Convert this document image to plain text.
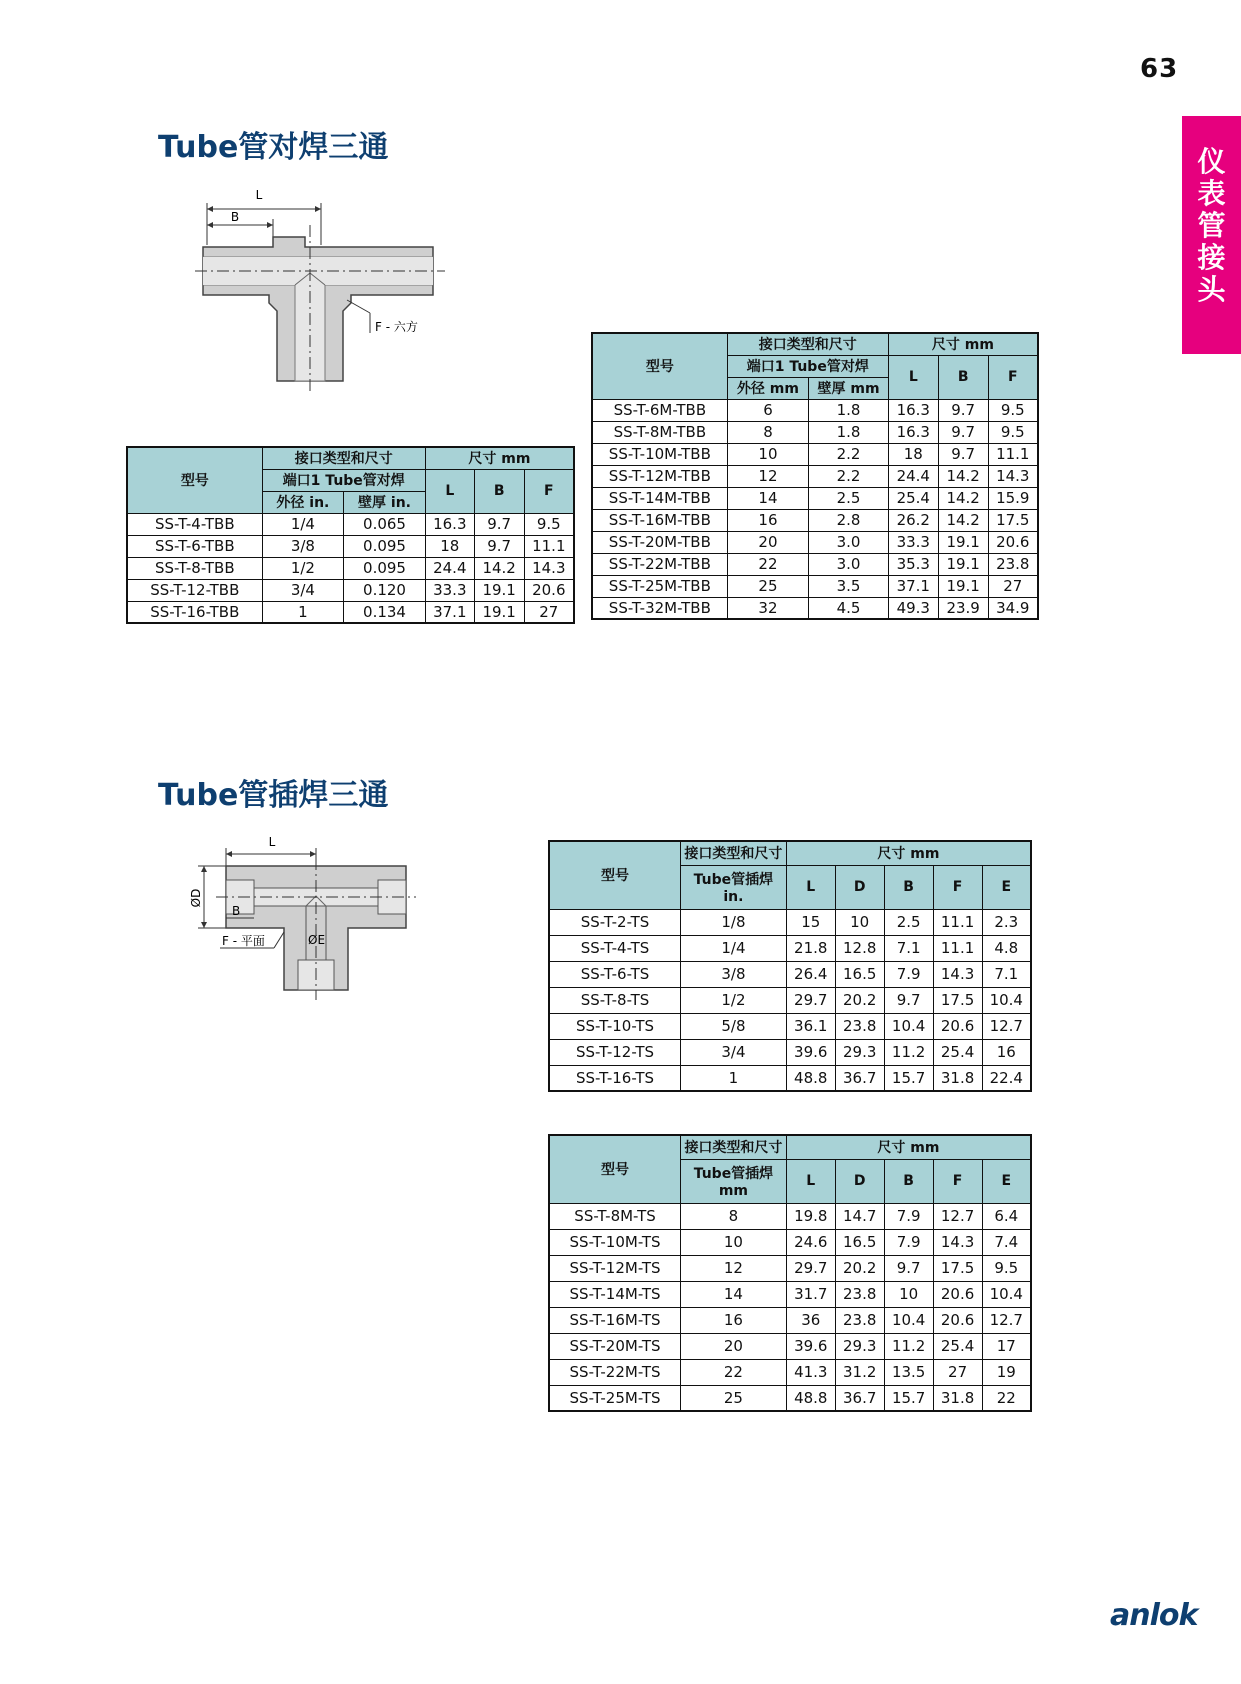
63
仪
表
管
接
头
Tube管对焊三通
L
B
F - 六方
型号	接口类型和尺寸		尺寸 mm		
	端口1 Tube管对焊		L	B	F
	外径 in.	壁厚 in.			
SS-T-4-TBB	1/4	0.065	16.3	9.7	9.5
SS-T-6-TBB	3/8	0.095	18	9.7	11.1
SS-T-8-TBB	1/2	0.095	24.4	14.2	14.3
SS-T-12-TBB	3/4	0.120	33.3	19.1	20.6
SS-T-16-TBB	1	0.134	37.1	19.1	27
型号	接口类型和尺寸		尺寸 mm		
	端口1 Tube管对焊		L	B	F
	外径 mm	壁厚 mm			
SS-T-6M-TBB	6	1.8	16.3	9.7	9.5
SS-T-8M-TBB	8	1.8	16.3	9.7	9.5
SS-T-10M-TBB	10	2.2	18	9.7	11.1
SS-T-12M-TBB	12	2.2	24.4	14.2	14.3
SS-T-14M-TBB	14	2.5	25.4	14.2	15.9
SS-T-16M-TBB	16	2.8	26.2	14.2	17.5
SS-T-20M-TBB	20	3.0	33.3	19.1	20.6
SS-T-22M-TBB	22	3.0	35.3	19.1	23.8
SS-T-25M-TBB	25	3.5	37.1	19.1	27
SS-T-32M-TBB	32	4.5	49.3	23.9	34.9
Tube管插焊三通
L
ØD
B
ØE
F - 平面
型号	接口类型和尺寸	尺寸 mm				
	Tube管插焊
in.	L	D	B	F	E
SS-T-2-TS	1/8	15	10	2.5	11.1	2.3
SS-T-4-TS	1/4	21.8	12.8	7.1	11.1	4.8
SS-T-6-TS	3/8	26.4	16.5	7.9	14.3	7.1
SS-T-8-TS	1/2	29.7	20.2	9.7	17.5	10.4
SS-T-10-TS	5/8	36.1	23.8	10.4	20.6	12.7
SS-T-12-TS	3/4	39.6	29.3	11.2	25.4	16
SS-T-16-TS	1	48.8	36.7	15.7	31.8	22.4
型号	接口类型和尺寸	尺寸 mm				
	Tube管插焊
mm	L	D	B	F	E
SS-T-8M-TS	8	19.8	14.7	7.9	12.7	6.4
SS-T-10M-TS	10	24.6	16.5	7.9	14.3	7.4
SS-T-12M-TS	12	29.7	20.2	9.7	17.5	9.5
SS-T-14M-TS	14	31.7	23.8	10	20.6	10.4
SS-T-16M-TS	16	36	23.8	10.4	20.6	12.7
SS-T-20M-TS	20	39.6	29.3	11.2	25.4	17
SS-T-22M-TS	22	41.3	31.2	13.5	27	19
SS-T-25M-TS	25	48.8	36.7	15.7	31.8	22
anlok
